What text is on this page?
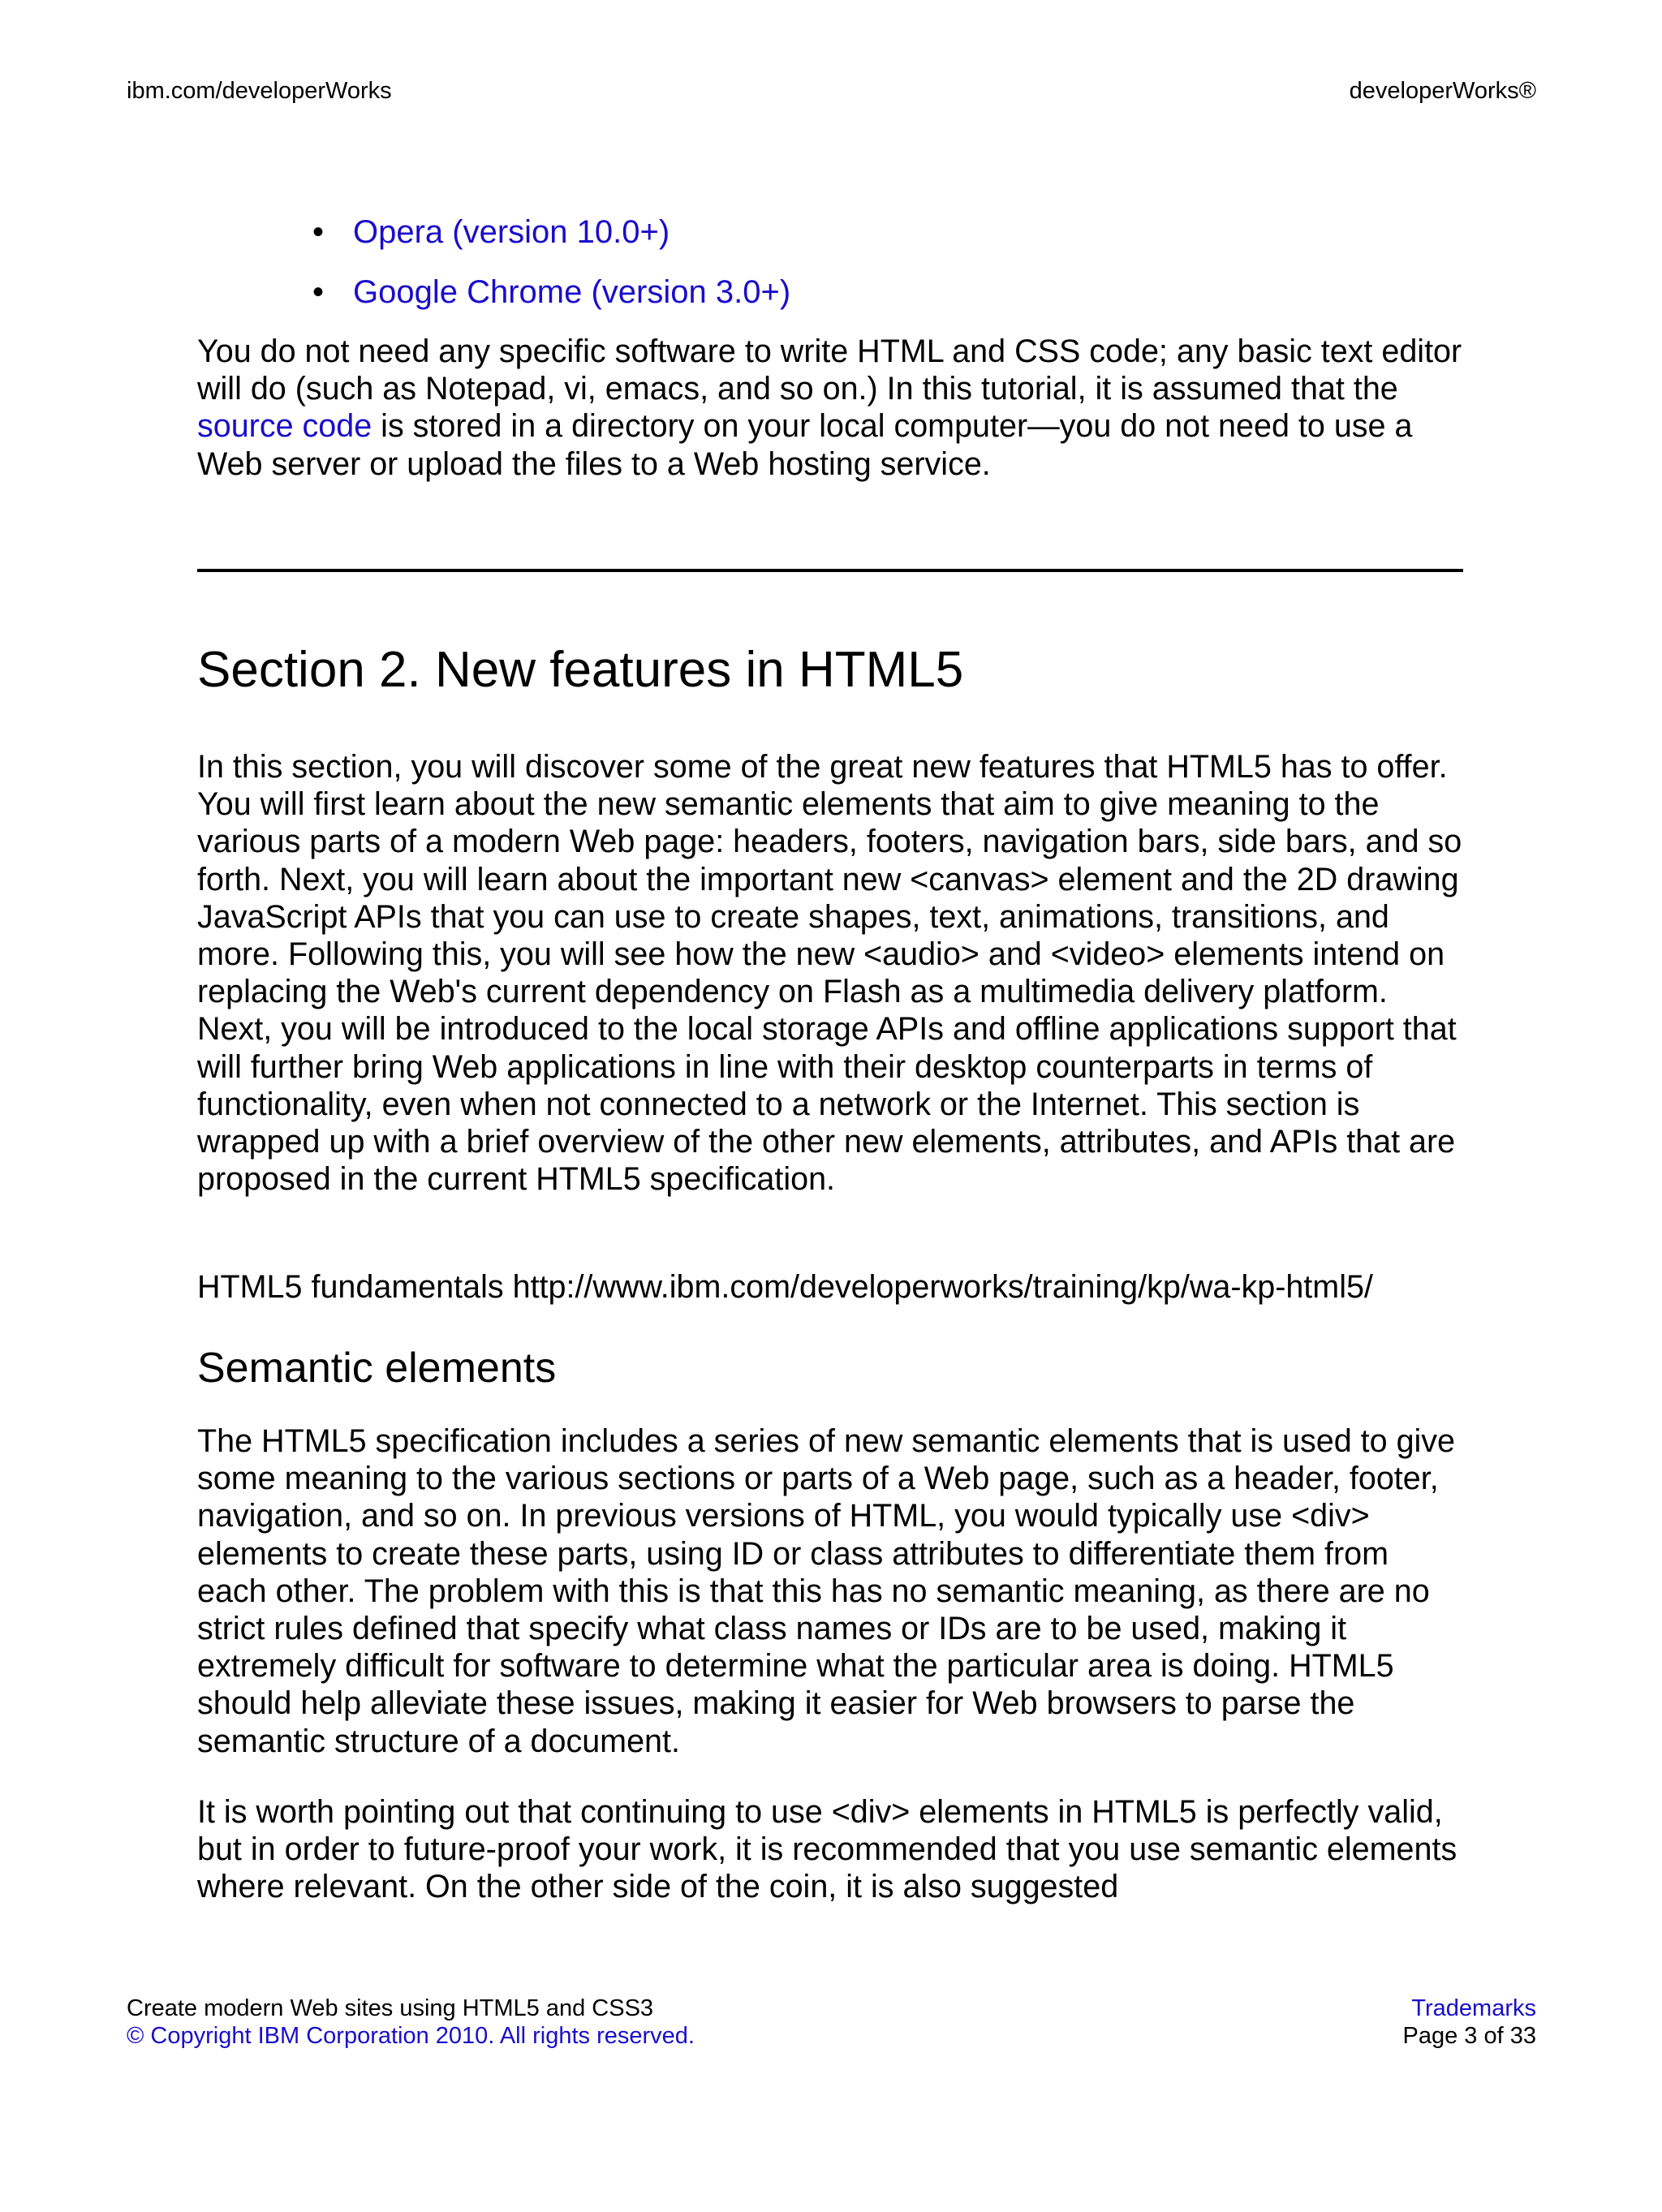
ibm.com/developerWorks	developerWorks®
• Opera (version 10.0+)
• Google Chrome (version 3.0+)

You do not need any specific software to write HTML and CSS code; any basic text editor will do (such as Notepad, vi, emacs, and so on.) In this tutorial, it is assumed that the source code is stored in a directory on your local computer—you do not need to use a Web server or upload the files to a Web hosting service.

Section 2. New features in HTML5

In this section, you will discover some of the great new features that HTML5 has to offer. You will first learn about the new semantic elements that aim to give meaning to the various parts of a modern Web page: headers, footers, navigation bars, side bars, and so forth. Next, you will learn about the important new <canvas> element and the 2D drawing JavaScript APIs that you can use to create shapes, text, animations, transitions, and more. Following this, you will see how the new <audio> and <video> elements intend on replacing the Web's current dependency on Flash as a multimedia delivery platform. Next, you will be introduced to the local storage APIs and offline applications support that will further bring Web applications in line with their desktop counterparts in terms of functionality, even when not connected to a network or the Internet. This section is wrapped up with a brief overview of the other new elements, attributes, and APIs that are proposed in the current HTML5 specification.

HTML5 fundamentals http://www.ibm.com/developerworks/training/kp/wa-kp-html5/

Semantic elements

The HTML5 specification includes a series of new semantic elements that is used to give some meaning to the various sections or parts of a Web page, such as a header, footer, navigation, and so on. In previous versions of HTML, you would typically use <div> elements to create these parts, using ID or class attributes to differentiate them from each other. The problem with this is that this has no semantic meaning, as there are no strict rules defined that specify what class names or IDs are to be used, making it extremely difficult for software to determine what the particular area is doing. HTML5 should help alleviate these issues, making it easier for Web browsers to parse the semantic structure of a document.

It is worth pointing out that continuing to use <div> elements in HTML5 is perfectly valid, but in order to future-proof your work, it is recommended that you use semantic elements where relevant. On the other side of the coin, it is also suggested

Create modern Web sites using HTML5 and CSS3
© Copyright IBM Corporation 2010. All rights reserved.
Trademarks
Page 3 of 33
